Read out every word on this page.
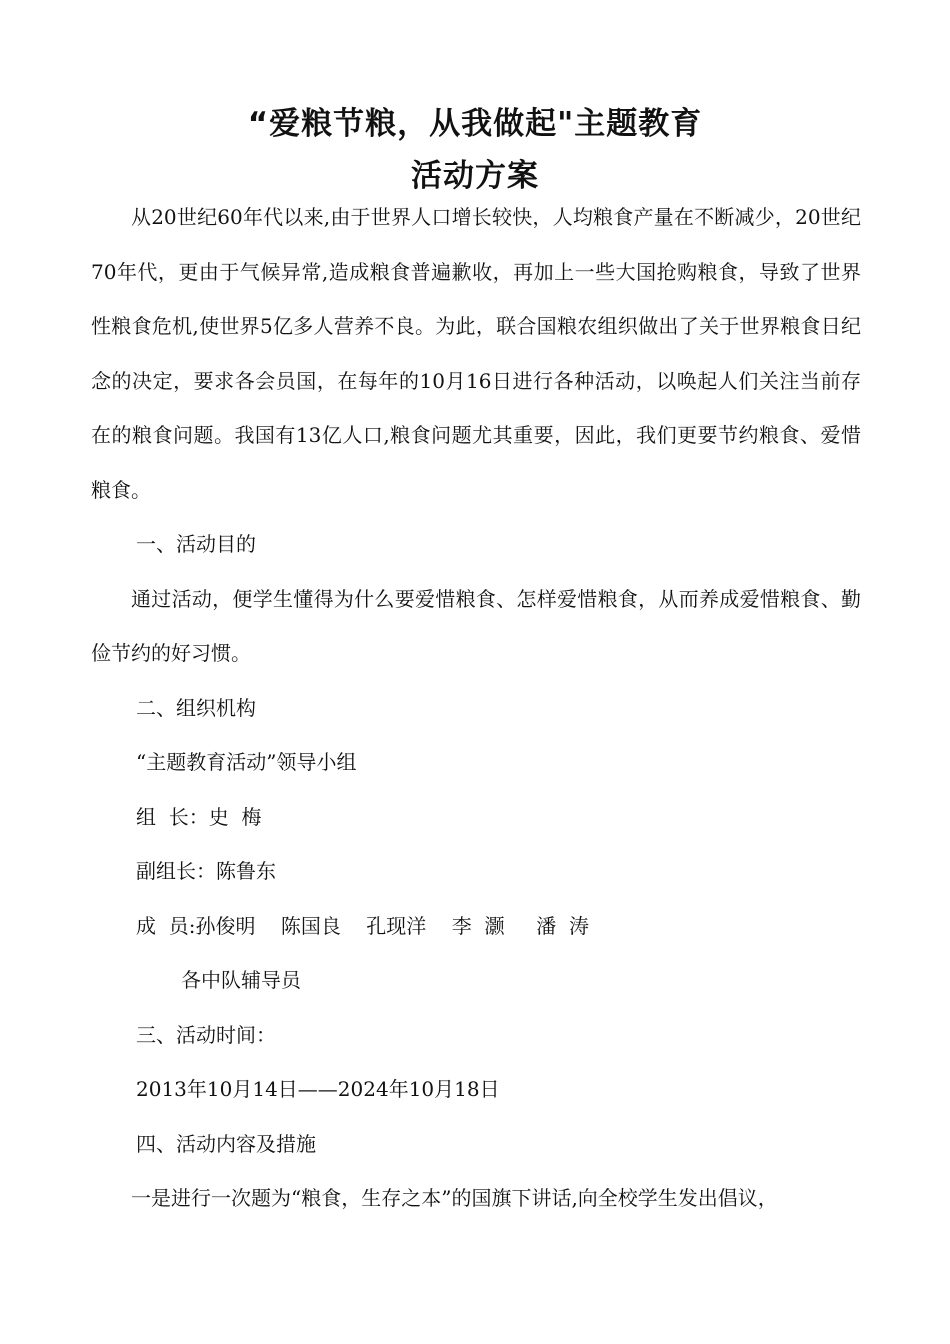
“爱粮节粮，从我做起"主题教育
活动方案

从20世纪60年代以来,由于世界人口增长较快，人均粮食产量在不断减少，20世纪70年代，更由于气候异常,造成粮食普遍歉收，再加上一些大国抢购粮食，导致了世界性粮食危机,使世界5亿多人营养不良。为此，联合国粮农组织做出了关于世界粮食日纪念的决定，要求各会员国，在每年的10月16日进行各种活动，以唤起人们关注当前存在的粮食问题。我国有13亿人口,粮食问题尤其重要，因此，我们更要节约粮食、爱惜粮食。

一、活动目的

通过活动，便学生懂得为什么要爱惜粮食、怎样爱惜粮食，从而养成爱惜粮食、勤俭节约的好习惯。

二、组织机构

“主题教育活动”领导小组

组  长：史  梅

副组长：陈鲁东

成  员:孙俊明    陈国良    孔现洋    李  灏     潘  涛

各中队辅导员

三、活动时间：

2013年10月14日——2024年10月18日

四、活动内容及措施

一是进行一次题为“粮食，生存之本”的国旗下讲话,向全校学生发出倡议，
